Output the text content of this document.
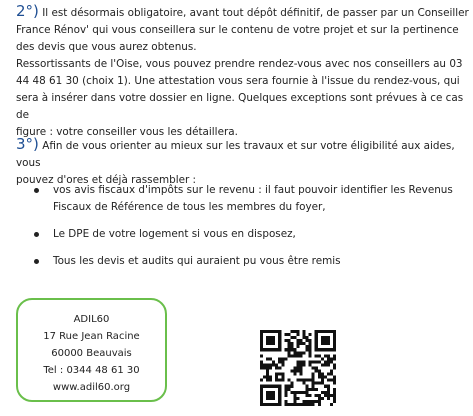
2°) Il est désormais obligatoire, avant tout dépôt définitif, de passer par un Conseiller
France Rénov' qui vous conseillera sur le contenu de votre projet et sur la pertinence
des devis que vous aurez obtenus.
Ressortissants de l'Oise, vous pouvez prendre rendez-vous avec nos conseillers au 03
44 48 61 30 (choix 1). Une attestation vous sera fournie à l'issue du rendez-vous, qui
sera à insérer dans votre dossier en ligne. Quelques exceptions sont prévues à ce cas de
figure : votre conseiller vous les détaillera.
3°) Afin de vous orienter au mieux sur les travaux et sur votre éligibilité aux aides, vous
pouvez d'ores et déjà rassembler :
vos avis fiscaux d'impôts sur le revenu : il faut pouvoir identifier les Revenus
Fiscaux de Référence de tous les membres du foyer,
Le DPE de votre logement si vous en disposez,
Tous les devis et audits qui auraient pu vous être remis
ADIL60
17 Rue Jean Racine
60000 Beauvais
Tel : 0344 48 61 30
www.adil60.org
